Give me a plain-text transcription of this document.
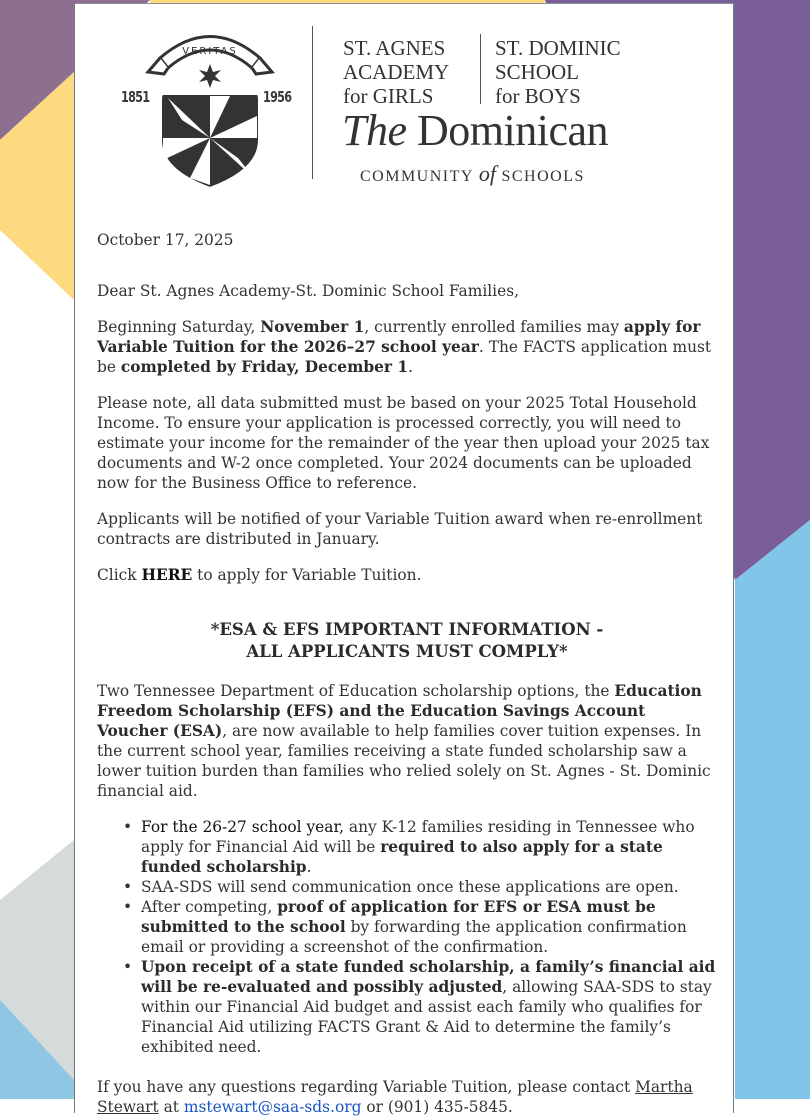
VERITAS
1851	1956
ST. AGNES
ACADEMY
for GIRLS
ST. DOMINIC
SCHOOL
for BOYS
The Dominican
COMMUNITY of SCHOOLS

October 17, 2025

Dear St. Agnes Academy-St. Dominic School Families,

Beginning Saturday, November 1, currently enrolled families may apply for Variable Tuition for the 2026–27 school year. The FACTS application must be completed by Friday, December 1.

Please note, all data submitted must be based on your 2025 Total Household Income. To ensure your application is processed correctly, you will need to estimate your income for the remainder of the year then upload your 2025 tax documents and W-2 once completed. Your 2024 documents can be uploaded now for the Business Office to reference.

Applicants will be notified of your Variable Tuition award when re-enrollment contracts are distributed in January.

Click HERE to apply for Variable Tuition.

*ESA & EFS IMPORTANT INFORMATION -
ALL APPLICANTS MUST COMPLY*

Two Tennessee Department of Education scholarship options, the Education Freedom Scholarship (EFS) and the Education Savings Account Voucher (ESA), are now available to help families cover tuition expenses. In the current school year, families receiving a state funded scholarship saw a lower tuition burden than families who relied solely on St. Agnes - St. Dominic financial aid.

• For the 26-27 school year, any K-12 families residing in Tennessee who apply for Financial Aid will be required to also apply for a state funded scholarship.
• SAA-SDS will send communication once these applications are open.
• After competing, proof of application for EFS or ESA must be submitted to the school by forwarding the application confirmation email or providing a screenshot of the confirmation.
• Upon receipt of a state funded scholarship, a family’s financial aid will be re-evaluated and possibly adjusted, allowing SAA-SDS to stay within our Financial Aid budget and assist each family who qualifies for Financial Aid utilizing FACTS Grant & Aid to determine the family’s exhibited need.

If you have any questions regarding Variable Tuition, please contact Martha Stewart at mstewart@saa-sds.org or (901) 435-5845.
